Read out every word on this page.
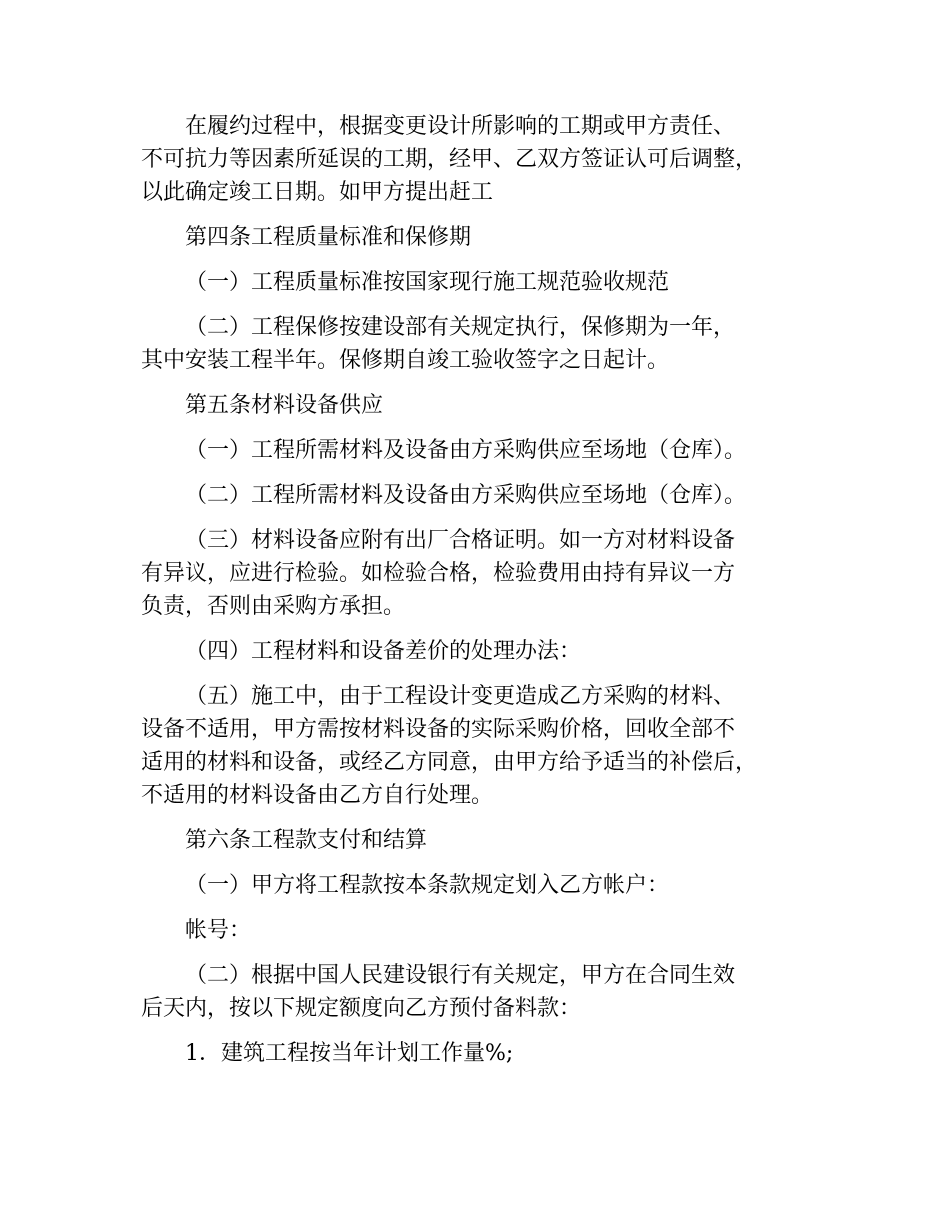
在履约过程中，根据变更设计所影响的工期或甲方责任、
不可抗力等因素所延误的工期，经甲、乙双方签证认可后调整，
以此确定竣工日期。如甲方提出赶工

第四条工程质量标准和保修期

（一）工程质量标准按国家现行施工规范验收规范

（二）工程保修按建设部有关规定执行，保修期为一年，
其中安装工程半年。保修期自竣工验收签字之日起计。

第五条材料设备供应

（一）工程所需材料及设备由方采购供应至场地（仓库）。

（二）工程所需材料及设备由方采购供应至场地（仓库）。

（三）材料设备应附有出厂合格证明。如一方对材料设备
有异议，应进行检验。如检验合格，检验费用由持有异议一方
负责，否则由采购方承担。

（四）工程材料和设备差价的处理办法：

（五）施工中，由于工程设计变更造成乙方采购的材料、
设备不适用，甲方需按材料设备的实际采购价格，回收全部不
适用的材料和设备，或经乙方同意，由甲方给予适当的补偿后，
不适用的材料设备由乙方自行处理。

第六条工程款支付和结算

（一）甲方将工程款按本条款规定划入乙方帐户：

帐号：

（二）根据中国人民建设银行有关规定，甲方在合同生效
后天内，按以下规定额度向乙方预付备料款：

1．建筑工程按当年计划工作量%;
